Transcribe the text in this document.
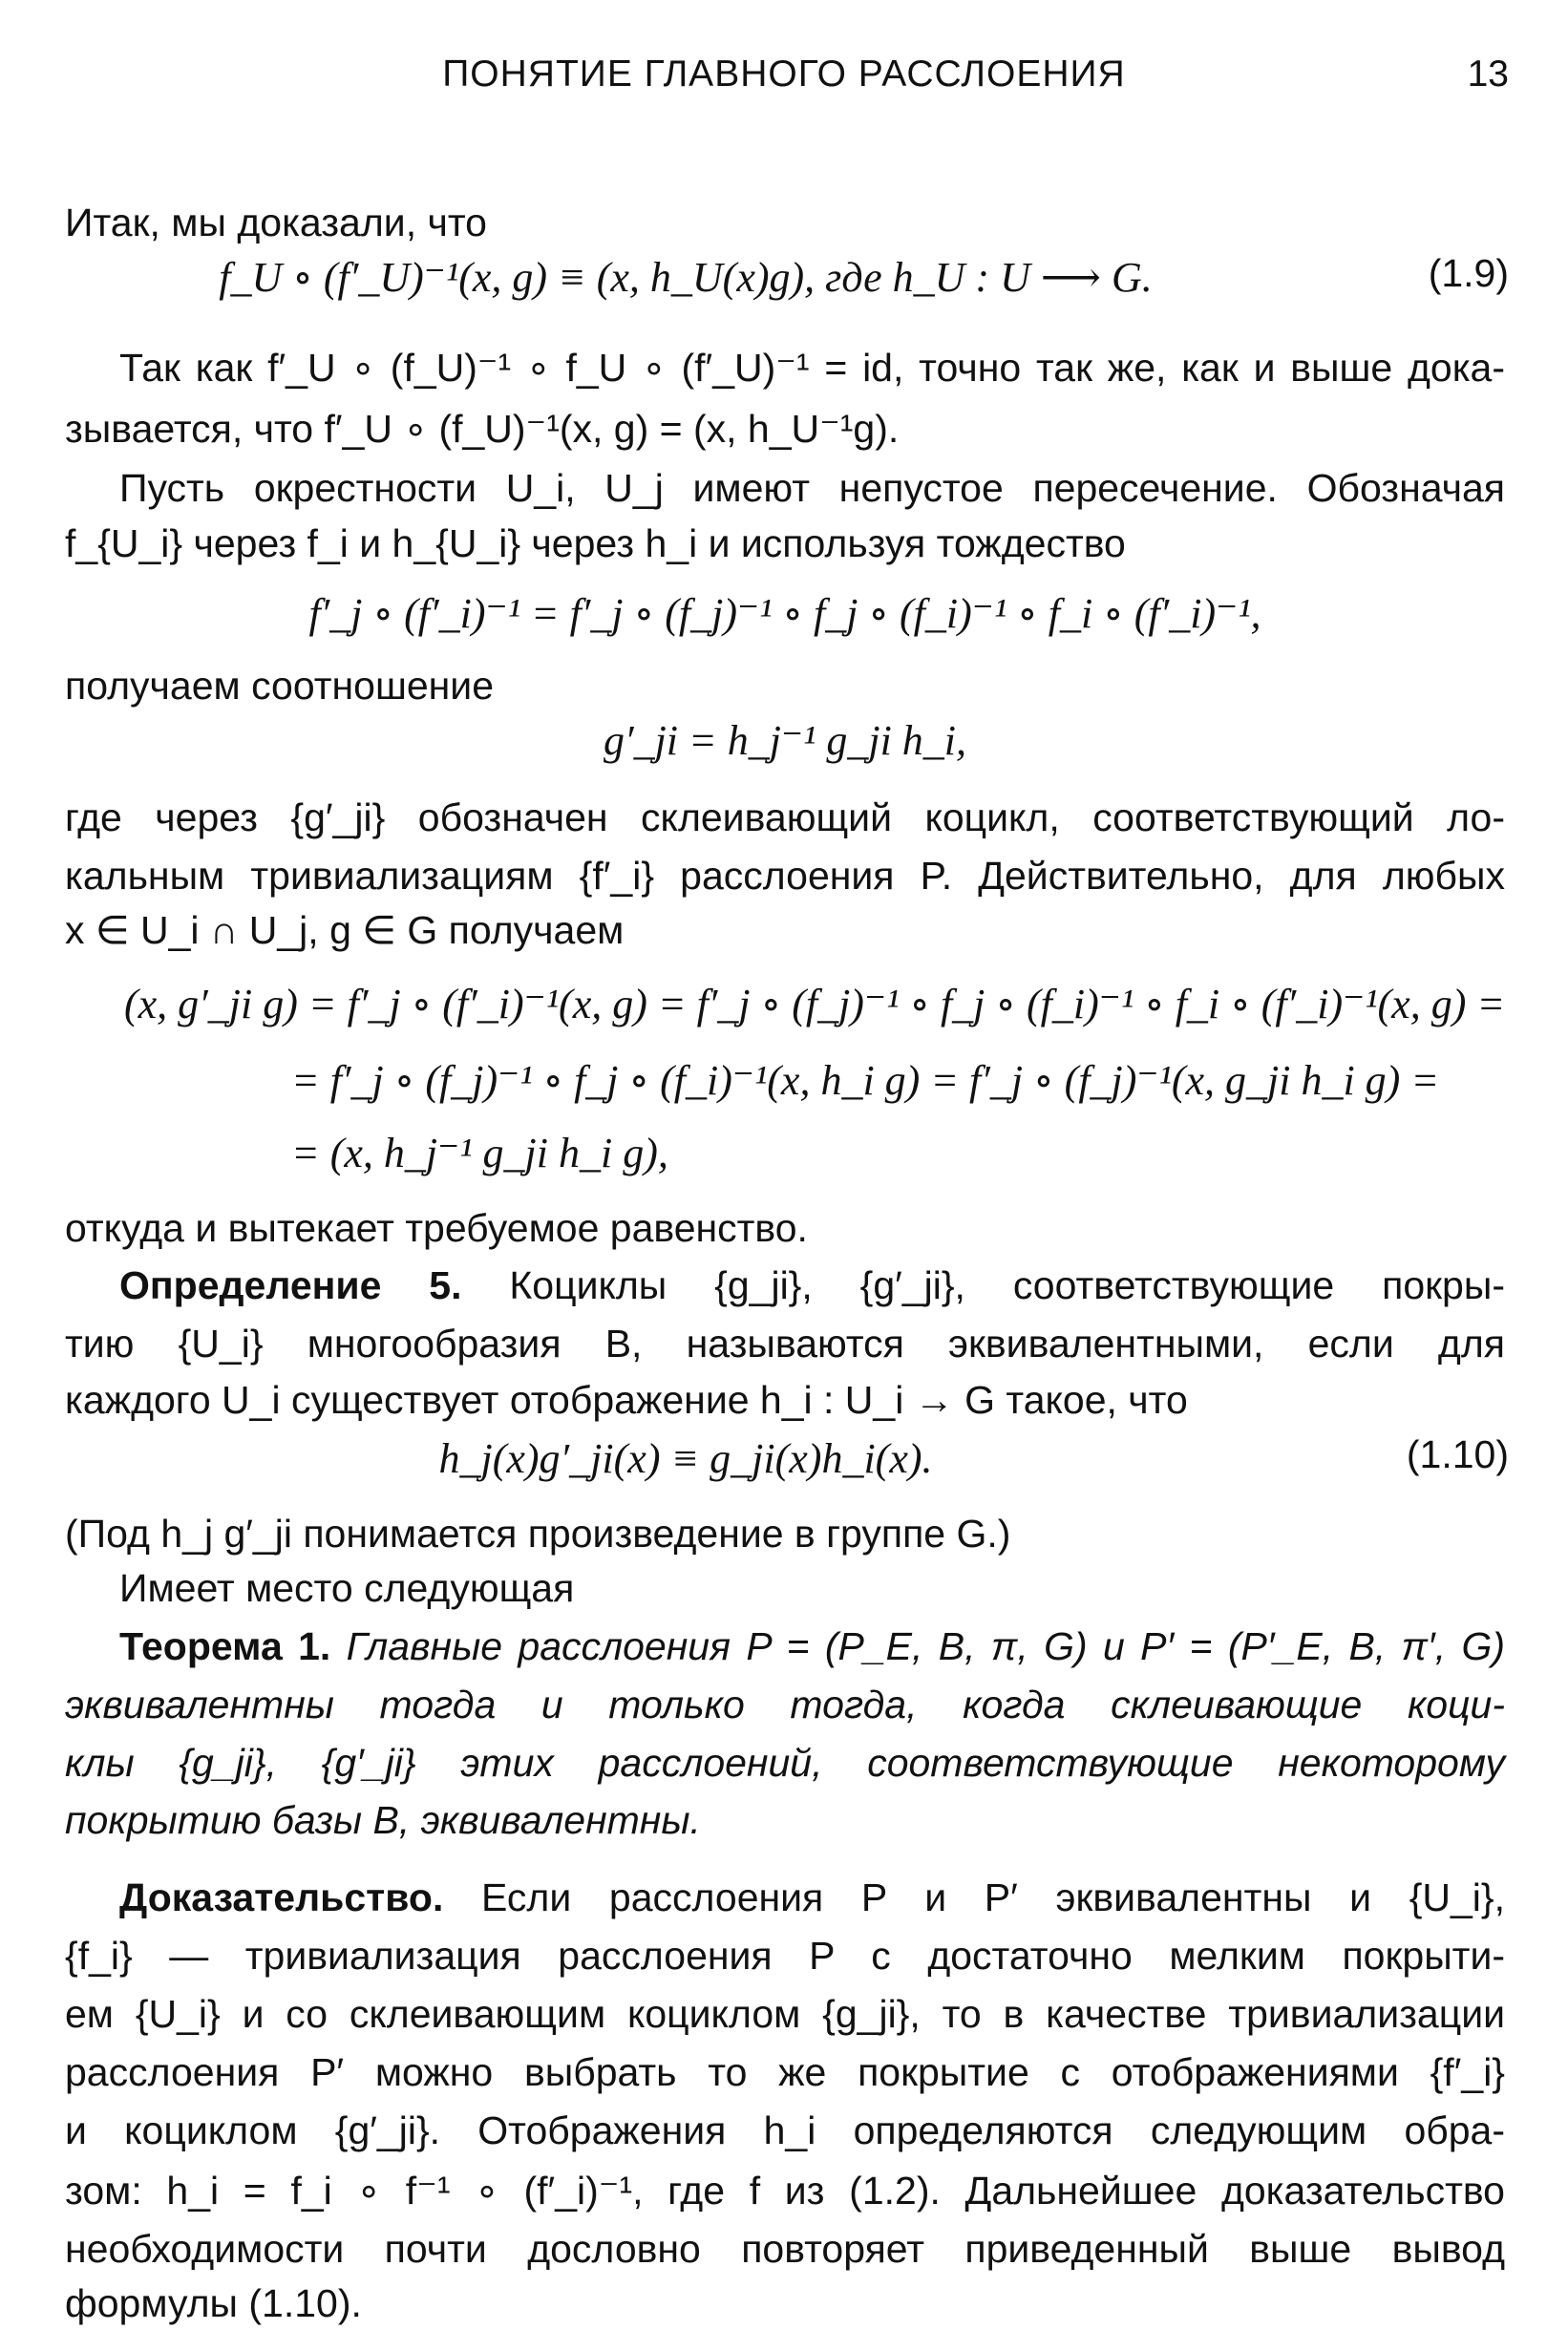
ПОНЯТИЕ ГЛАВНОГО РАССЛОЕНИЯ	13
Итак, мы доказали, что
f_U ∘ (f′_U)⁻¹(x, g) ≡ (x, h_U(x)g), где h_U : U ⟶ G.	(1.9)
Так как f′_U ∘ (f_U)⁻¹ ∘ f_U ∘ (f′_U)⁻¹ = id, точно так же, как и выше дока-
зывается, что f′_U ∘ (f_U)⁻¹(x, g) = (x, h_U⁻¹g).
Пусть окрестности U_i, U_j имеют непустое пересечение. Обозначая
f_{U_i} через f_i и h_{U_i} через h_i и используя тождество
f′_j ∘ (f′_i)⁻¹ = f′_j ∘ (f_j)⁻¹ ∘ f_j ∘ (f_i)⁻¹ ∘ f_i ∘ (f′_i)⁻¹,
получаем соотношение
g′_ji = h_j⁻¹ g_ji h_i,
где через {g′_ji} обозначен склеивающий коцикл, соответствующий ло-
кальным тривиализациям {f′_i} расслоения P. Действительно, для любых
x ∈ U_i ∩ U_j, g ∈ G получаем
(x, g′_ji g) = f′_j ∘ (f′_i)⁻¹(x, g) = f′_j ∘ (f_j)⁻¹ ∘ f_j ∘ (f_i)⁻¹ ∘ f_i ∘ (f′_i)⁻¹(x, g) =
= f′_j ∘ (f_j)⁻¹ ∘ f_j ∘ (f_i)⁻¹(x, h_i g) = f′_j ∘ (f_j)⁻¹(x, g_ji h_i g) =
= (x, h_j⁻¹ g_ji h_i g),
откуда и вытекает требуемое равенство.
Определение 5. Коциклы {g_ji}, {g′_ji}, соответствующие покры-
тию {U_i} многообразия B, называются эквивалентными, если для
каждого U_i существует отображение h_i : U_i → G такое, что
h_j(x)g′_ji(x) ≡ g_ji(x)h_i(x).	(1.10)
(Под h_j g′_ji понимается произведение в группе G.)
Имеет место следующая
Теорема 1. Главные расслоения P = (P_E, B, π, G) и P′ = (P′_E, B, π′, G)
эквивалентны тогда и только тогда, когда склеивающие коци-
клы {g_ji}, {g′_ji} этих расслоений, соответствующие некоторому
покрытию базы B, эквивалентны.
Доказательство. Если расслоения P и P′ эквивалентны и {U_i},
{f_i} — тривиализация расслоения P с достаточно мелким покрыти-
ем {U_i} и со склеивающим коциклом {g_ji}, то в качестве тривиализации
расслоения P′ можно выбрать то же покрытие с отображениями {f′_i}
и коциклом {g′_ji}. Отображения h_i определяются следующим обра-
зом: h_i = f_i ∘ f⁻¹ ∘ (f′_i)⁻¹, где f из (1.2). Дальнейшее доказательство
необходимости почти дословно повторяет приведенный выше вывод
формулы (1.10).
